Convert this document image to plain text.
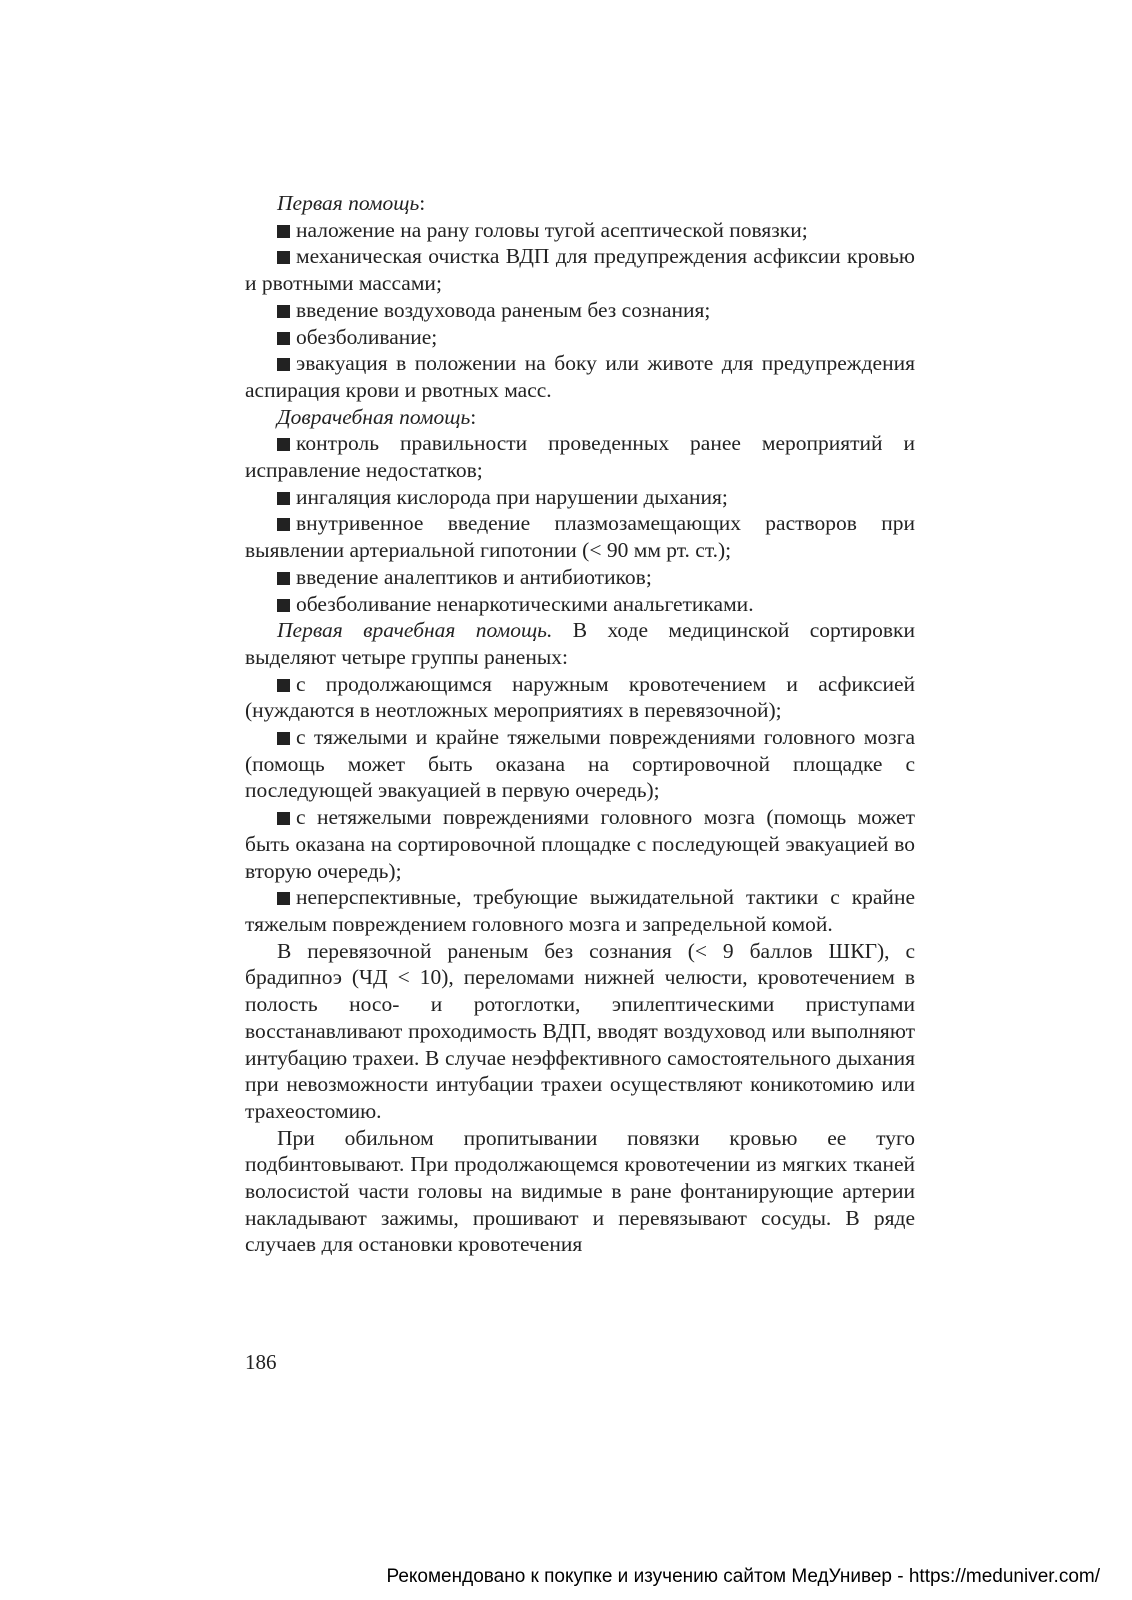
Первая помощь:

наложение на рану головы тугой асептической повязки;

механическая очистка ВДП для предупреждения асфиксии кровью и рвотными массами;

введение воздуховода раненым без сознания;

обезболивание;

эвакуация в положении на боку или животе для предупреждения аспирация крови и рвотных масс.

Доврачебная помощь:

контроль правильности проведенных ранее мероприятий и исправление недостатков;

ингаляция кислорода при нарушении дыхания;

внутривенное введение плазмозамещающих растворов при выявлении артериальной гипотонии (< 90 мм рт. ст.);

введение аналептиков и антибиотиков;

обезболивание ненаркотическими анальгетиками.

Первая врачебная помощь. В ходе медицинской сортировки выделяют четыре группы раненых:

с продолжающимся наружным кровотечением и асфиксией (нуждаются в неотложных мероприятиях в перевязочной);

с тяжелыми и крайне тяжелыми повреждениями головного мозга (помощь может быть оказана на сортировочной площадке с последующей эвакуацией в первую очередь);

с нетяжелыми повреждениями головного мозга (помощь может быть оказана на сортировочной площадке с последующей эвакуацией во вторую очередь);

неперспективные, требующие выжидательной тактики с крайне тяжелым повреждением головного мозга и запредельной комой.

В перевязочной раненым без сознания (< 9 баллов ШКГ), с брадипноэ (ЧД < 10), переломами нижней челюсти, кровотечением в полость носо- и ротоглотки, эпилептическими приступами восстанавливают проходимость ВДП, вводят воздуховод или выполняют интубацию трахеи. В случае неэффективного самостоятельного дыхания при невозможности интубации трахеи осуществляют коникотомию или трахеостомию.

При обильном пропитывании повязки кровью ее туго подбинтовывают. При продолжающемся кровотечении из мягких тканей волосистой части головы на видимые в ране фонтанирующие артерии накладывают зажимы, прошивают и перевязывают сосуды. В ряде случаев для остановки кровотечения

186
Рекомендовано к покупке и изучению сайтом МедУнивер - https://meduniver.com/
